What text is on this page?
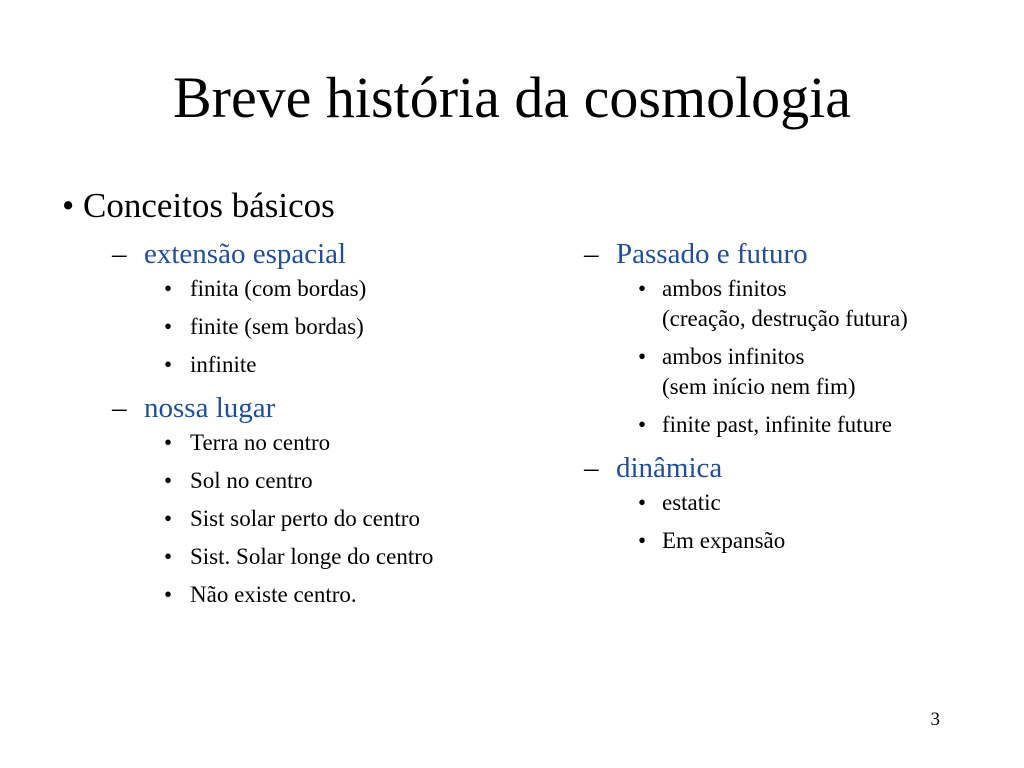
Breve história da cosmologia
• Conceitos básicos
– extensão espacial
• finita (com bordas)
• finite (sem bordas)
• infinite
– nossa lugar
• Terra no centro
• Sol no centro
• Sist solar perto do centro
• Sist. Solar longe do centro
• Não existe centro.
– Passado e futuro
• ambos finitos
(creação, destrução futura)
• ambos infinitos
(sem início nem fim)
• finite past, infinite future
– dinâmica
• estatic
• Em expansão
3
